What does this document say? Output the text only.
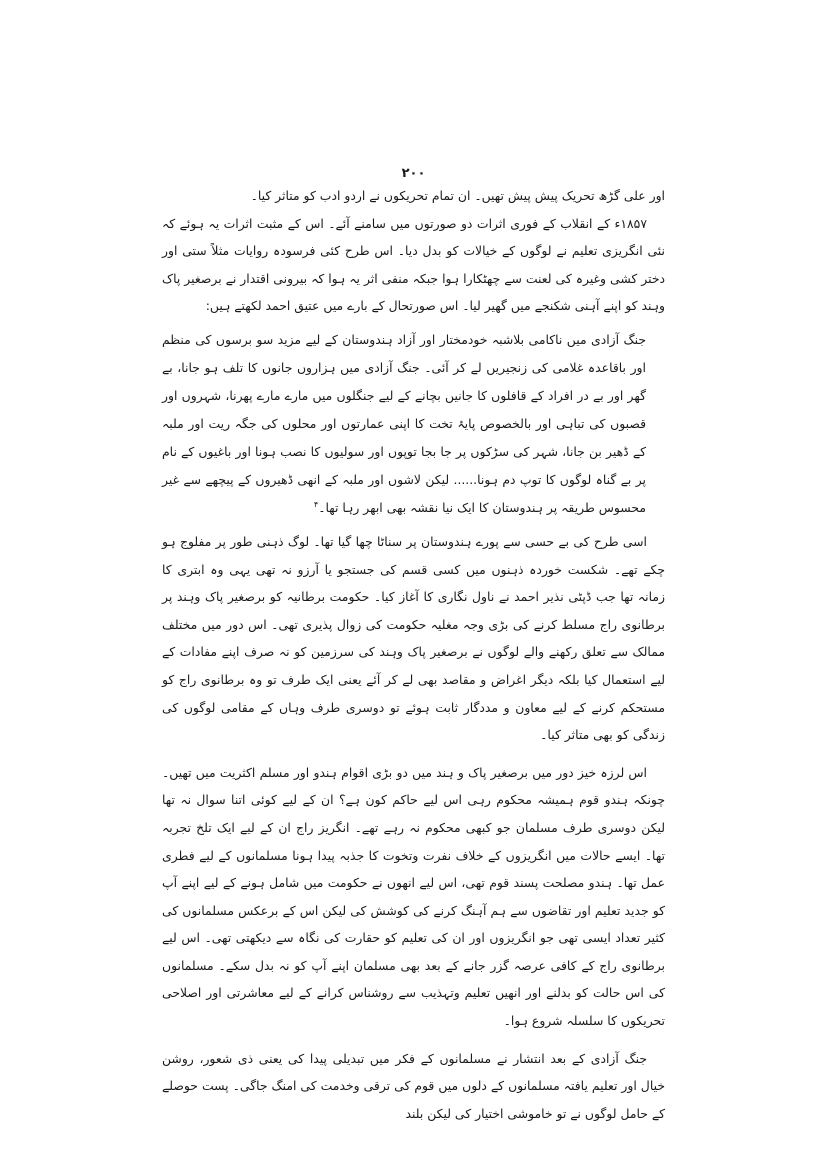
۲۰۰

اور علی گڑھ تحریک پیش پیش تھیں۔ ان تمام تحریکوں نے اردو ادب کو متاثر کیا۔

۱۸۵۷ء کے انقلاب کے فوری اثرات دو صورتوں میں سامنے آئے۔ اس کے مثبت اثرات یہ ہوئے کہ نئی انگریزی تعلیم نے لوگوں کے خیالات کو بدل دیا۔ اس طرح کئی فرسودہ روایات مثلاً ستی اور دختر کشی وغیرہ کی لعنت سے چھٹکارا ہوا جبکہ منفی اثر یہ ہوا کہ بیرونی اقتدار نے برصغیر پاک وہند کو اپنے آہنی شکنجے میں گھیر لیا۔ اس صورتحال کے بارے میں عتیق احمد لکھتے ہیں:

جنگ آزادی میں ناکامی بلاشبہ خودمختار اور آزاد ہندوستان کے لیے مزید سو برسوں کی منظم اور باقاعدہ غلامی کی زنجیریں لے کر آئی۔ جنگ آزادی میں ہزاروں جانوں کا تلف ہو جانا، بے گھر اور بے در افراد کے قافلوں کا جانیں بچانے کے لیے جنگلوں میں مارے مارے پھرنا، شہروں اور قصبوں کی تباہی اور بالخصوص پایۂ تخت کا اپنی عمارتوں اور محلوں کی جگہ ریت اور ملبہ کے ڈھیر بن جانا، شہر کی سڑکوں پر جا بجا توپوں اور سولیوں کا نصب ہونا اور باغیوں کے نام پر بے گناہ لوگوں کا توپ دم ہونا...... لیکن لاشوں اور ملبہ کے انھی ڈھیروں کے پیچھے سے غیر محسوس طریقہ پر ہندوستان کا ایک نیا نقشہ بھی ابھر رہا تھا۔$^۴$

اسی طرح کی بے حسی سے پورے ہندوستان پر سناٹا چھا گیا تھا۔ لوگ ذہنی طور پر مفلوج ہو چکے تھے۔ شکست خوردہ ذہنوں میں کسی قسم کی جستجو یا آرزو نہ تھی یہی وہ ابتری کا زمانہ تھا جب ڈپٹی نذیر احمد نے ناول نگاری کا آغاز کیا۔ حکومت برطانیہ کو برصغیر پاک وہند پر برطانوی راج مسلط کرنے کی بڑی وجہ مغلیہ حکومت کی زوال پذیری تھی۔ اس دور میں مختلف ممالک سے تعلق رکھنے والے لوگوں نے برصغیر پاک وہند کی سرزمین کو نہ صرف اپنے مفادات کے لیے استعمال کیا بلکہ دیگر اغراض و مقاصد بھی لے کر آئے یعنی ایک طرف تو وہ برطانوی راج کو مستحکم کرنے کے لیے معاون و مددگار ثابت ہوئے تو دوسری طرف وہاں کے مقامی لوگوں کی زندگی کو بھی متاثر کیا۔

اس لرزہ خیز دور میں برصغیر پاک و ہند میں دو بڑی اقوام ہندو اور مسلم اکثریت میں تھیں۔ چونکہ ہندو قوم ہمیشہ محکوم رہی اس لیے حاکم کون ہے؟ ان کے لیے کوئی اتنا سوال نہ تھا لیکن دوسری طرف مسلمان جو کبھی محکوم نہ رہے تھے۔ انگریز راج ان کے لیے ایک تلخ تجربہ تھا۔ ایسے حالات میں انگریزوں کے خلاف نفرت وتخوت کا جذبہ پیدا ہونا مسلمانوں کے لیے فطری عمل تھا۔ ہندو مصلحت پسند قوم تھی، اس لیے انھوں نے حکومت میں شامل ہونے کے لیے اپنے آپ کو جدید تعلیم اور تقاضوں سے ہم آہنگ کرنے کی کوشش کی لیکن اس کے برعکس مسلمانوں کی کثیر تعداد ایسی تھی جو انگریزوں اور ان کی تعلیم کو حقارت کی نگاہ سے دیکھتی تھی۔ اس لیے برطانوی راج کے کافی عرصہ گزر جانے کے بعد بھی مسلمان اپنے آپ کو نہ بدل سکے۔ مسلمانوں کی اس حالت کو بدلنے اور انھیں تعلیم وتہذیب سے روشناس کرانے کے لیے معاشرتی اور اصلاحی تحریکوں کا سلسلہ شروع ہوا۔

جنگ آزادی کے بعد انتشار نے مسلمانوں کے فکر میں تبدیلی پیدا کی یعنی ذی شعور، روشن خیال اور تعلیم یافتہ مسلمانوں کے دلوں میں قوم کی ترقی وخدمت کی امنگ جاگی۔ پست حوصلے کے حامل لوگوں نے تو خاموشی اختیار کی لیکن بلند
